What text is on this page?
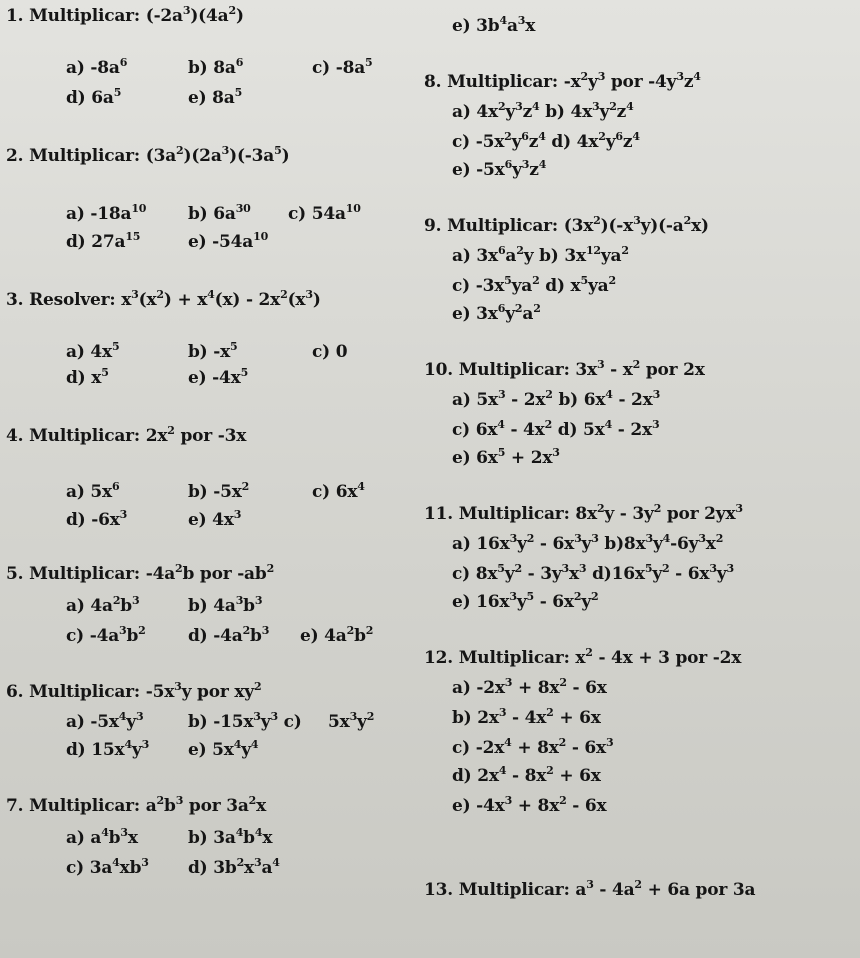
1. Multiplicar: $(-2a^3)(4a^2)$
a) $-8a^6$	b) $8a^6$	c) $-8a^5$
d) $6a^5$	e) $8a^5$
2. Multiplicar: $(3a^2)(2a^3)(-3a^5)$
a) $-18a^{10}$ b) $6a^{30}$ c) $54a^{10}$
d) $27a^{15}$	e) $-54a^{10}$
3. Resolver: $x^3(x^2) + x^4(x) - 2x^2(x^3)$
a) $4x^5$	b) $-x^5$	c) 0
d) $x^5$	e) $-4x^5$
4. Multiplicar: $2x^2$ por -3x
a) $5x^6$	b) $-5x^2$	c) $6x^4$
d) $-6x^3$	e) $4x^3$
5. Multiplicar: $-4a^2b$ por $-ab^2$
a) $4a^2b^3$	b) $4a^3b^3$
c) $-4a^3b^2$ d) $-4a^2b^3$ e) $4a^2b^2$
6. Multiplicar: $-5x^3y$ por $xy^2$
a) $-5x^4y^3$	b) $-15x^3y^3$ c) $5x^3y^2$
d) $15x^4y^3$ e) $5x^4y^4$
7. Multiplicar: $a^2b^3$ por $3a^2x$
a) $a^4b^3x$	b) $3a^4b^4x$
c) $3a^4xb^3$ d) $3b^2x^3a^4$
e) $3b^4a^3x$
8. Multiplicar: $-x^2y^3$ por $-4y^3z^4$
a) $4x^2y^3z^4$ b) $4x^3y^2z^4$
c) $-5x^2y^6z^4$ d) $4x^2y^6z^4$
e) $-5x^6y^3z^4$
9. Multiplicar: $(3x^2)(-x^3y)(-a^2x)$
a) $3x^6a^2y$ b) $3x^{12}ya^2$
c) $-3x^5ya^2$ d) $x^5ya^2$
e) $3x^6y^2a^2$
10. Multiplicar: $3x^3 - x^2$ por 2x
a) $5x^3 - 2x^2$ b) $6x^4 - 2x^3$
c) $6x^4 - 4x^2$ d) $5x^4 - 2x^3$
e) $6x^5 + 2x^3$
11. Multiplicar: $8x^2y - 3y^2$ por $2yx^3$
a) $16x^3y^2 - 6x^3y^3$ $b)8x^3y^4-6y^3x^2$
c) $8x^5y^2 - 3y^3x^3$ $d)16x^5y^2 - 6x^3y^3$
e) $16x^3y^5 - 6x^2y^2$
12. Multiplicar: $x^2 - 4x + 3$ por -2x
a) $-2x^3 + 8x^2 - 6x$
b) $2x^3 - 4x^2 + 6x$
c) $-2x^4 + 8x^2 - 6x^3$
d) $2x^4 - 8x^2 + 6x$
e) $-4x^3 + 8x^2 - 6x$
13. Multiplicar: $a^3 - 4a^2 + 6a$ por 3a
